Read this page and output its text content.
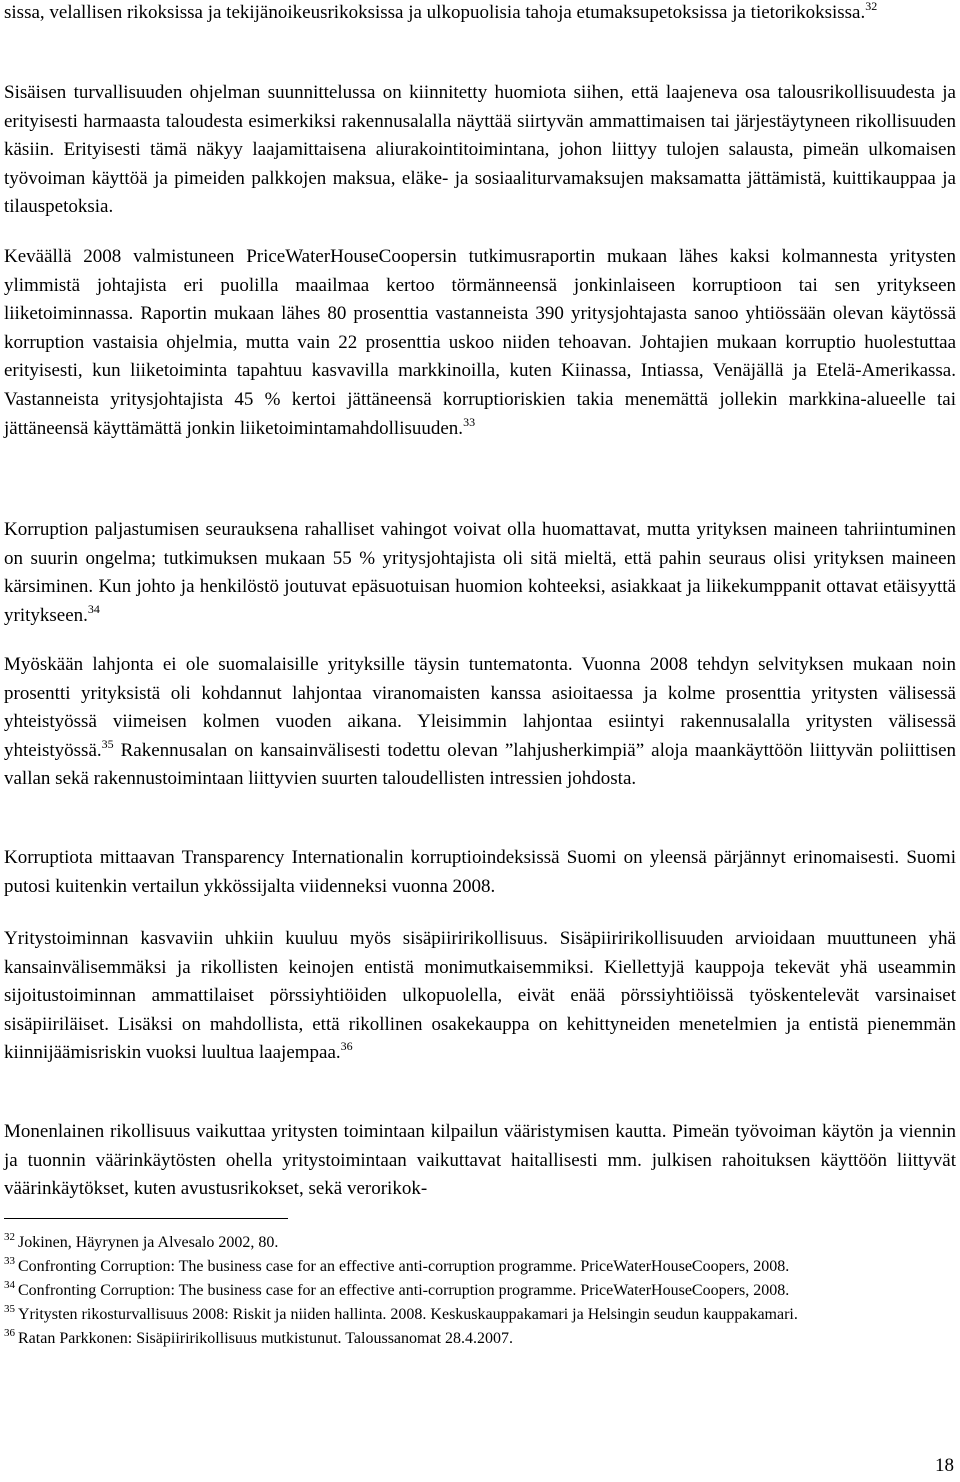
sissa, velallisen rikoksissa ja tekijänoikeusrikoksissa ja ulkopuolisia tahoja etumaksupetoksissa ja tietorikoksissa.$^{32}$

Sisäisen turvallisuuden ohjelman suunnittelussa on kiinnitetty huomiota siihen, että laajeneva osa talousrikollisuudesta ja erityisesti harmaasta taloudesta esimerkiksi rakennusalalla näyttää siirtyvän ammattimaisen tai järjestäytyneen rikollisuuden käsiin. Erityisesti tämä näkyy laajamittaisena aliurakointitoimintana, johon liittyy tulojen salausta, pimeän ulkomaisen työvoiman käyttöä ja pimeiden palkkojen maksua, eläke- ja sosiaaliturvamaksujen maksamatta jättämistä, kuittikauppaa ja tilauspetoksia.

Keväällä 2008 valmistuneen PriceWaterHouseCoopersin tutkimusraportin mukaan lähes kaksi kolmannesta yritysten ylimmistä johtajista eri puolilla maailmaa kertoo törmänneensä jonkinlaiseen korruptioon tai sen yritykseen liiketoiminnassa. Raportin mukaan lähes 80 prosenttia vastanneista 390 yritysjohtajasta sanoo yhtiössään olevan käytössä korruption vastaisia ohjelmia, mutta vain 22 prosenttia uskoo niiden tehoavan. Johtajien mukaan korruptio huolestuttaa erityisesti, kun liiketoiminta tapahtuu kasvavilla markkinoilla, kuten Kiinassa, Intiassa, Venäjällä ja Etelä-Amerikassa. Vastanneista yritysjohtajista 45 % kertoi jättäneensä korruptioriskien takia menemättä jollekin markkina-alueelle tai jättäneensä käyttämättä jonkin liiketoimintamahdollisuuden.$^{33}$

Korruption paljastumisen seurauksena rahalliset vahingot voivat olla huomattavat, mutta yrityksen maineen tahriintuminen on suurin ongelma; tutkimuksen mukaan 55 % yritysjohtajista oli sitä mieltä, että pahin seuraus olisi yrityksen maineen kärsiminen. Kun johto ja henkilöstö joutuvat epäsuotuisan huomion kohteeksi, asiakkaat ja liikekumppanit ottavat etäisyyttä yritykseen.$^{34}$

Myöskään lahjonta ei ole suomalaisille yrityksille täysin tuntematonta. Vuonna 2008 tehdyn selvityksen mukaan noin prosentti yrityksistä oli kohdannut lahjontaa viranomaisten kanssa asioitaessa ja kolme prosenttia yritysten välisessä yhteistyössä viimeisen kolmen vuoden aikana. Yleisimmin lahjontaa esiintyi rakennusalalla yritysten välisessä yhteistyössä.$^{35}$ Rakennusalan on kansainvälisesti todettu olevan ”lahjusherkimpiä” aloja maankäyttöön liittyvän poliittisen vallan sekä rakennustoimintaan liittyvien suurten taloudellisten intressien johdosta.

Korruptiota mittaavan Transparency Internationalin korruptioindeksissä Suomi on yleensä pärjännyt erinomaisesti. Suomi putosi kuitenkin vertailun ykkössijalta viidenneksi vuonna 2008.

Yritystoiminnan kasvaviin uhkiin kuuluu myös sisäpiiririkollisuus. Sisäpiiririkollisuuden arvioidaan muuttuneen yhä kansainvälisemmäksi ja rikollisten keinojen entistä monimutkaisemmiksi. Kiellettyjä kauppoja tekevät yhä useammin sijoitustoiminnan ammattilaiset pörssiyhtiöiden ulkopuolella, eivät enää pörssiyhtiöissä työskentelevät varsinaiset sisäpiiriläiset. Lisäksi on mahdollista, että rikollinen osakekauppa on kehittyneiden menetelmien ja entistä pienemmän kiinnijäämisriskin vuoksi luultua laajempaa.$^{36}$

Monenlainen rikollisuus vaikuttaa yritysten toimintaan kilpailun vääristymisen kautta. Pimeän työvoiman käytön ja viennin ja tuonnin väärinkäytösten ohella yritystoimintaan vaikuttavat haitallisesti mm. julkisen rahoituksen käyttöön liittyvät väärinkäytökset, kuten avustusrikokset, sekä verorikok-

$^{32}$ Jokinen, Häyrynen ja Alvesalo 2002, 80.

$^{33}$ Confronting Corruption: The business case for an effective anti-corruption programme. PriceWaterHouseCoopers, 2008.

$^{34}$ Confronting Corruption: The business case for an effective anti-corruption programme. PriceWaterHouseCoopers, 2008.

$^{35}$ Yritysten rikosturvallisuus 2008: Riskit ja niiden hallinta. 2008. Keskuskauppakamari ja Helsingin seudun kauppakamari.

$^{36}$ Ratan Parkkonen: Sisäpiiririkollisuus mutkistunut. Taloussanomat 28.4.2007.

18
